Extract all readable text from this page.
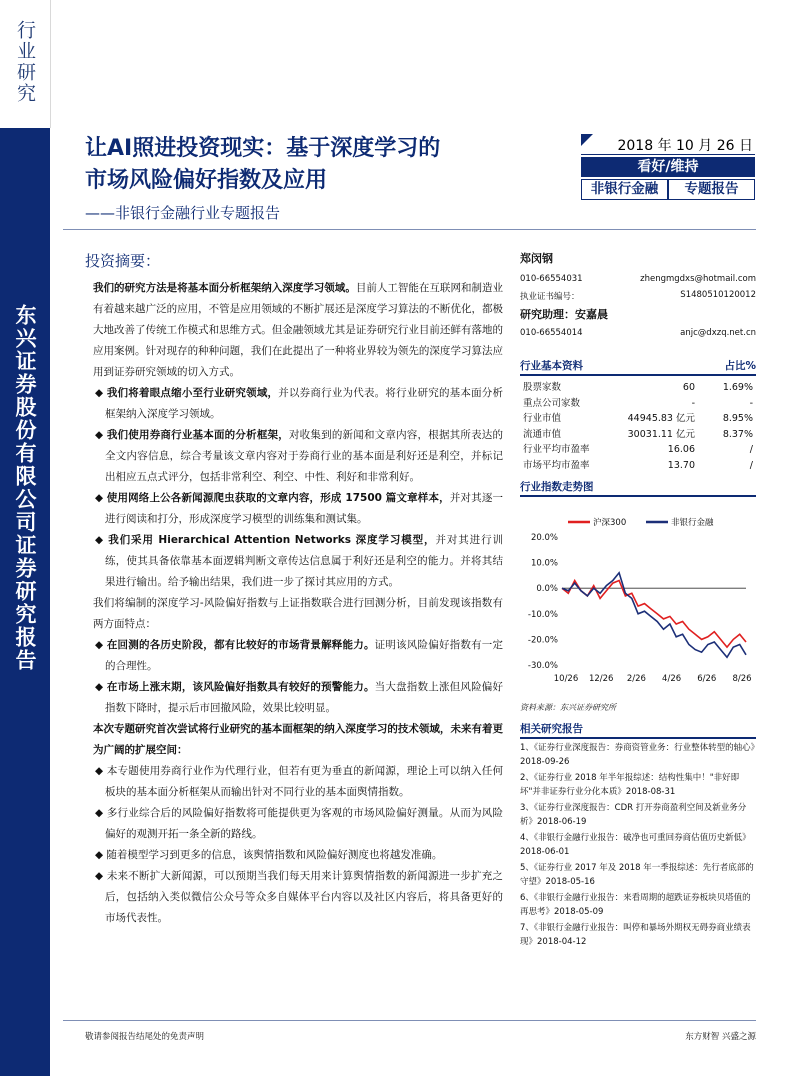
行业研究
东兴证券股份有限公司证券研究报告
让AI照进投资现实：基于深度学习的
市场风险偏好指数及应用
——非银行金融行业专题报告
2018 年 10 月 26 日
看好/维持
非银行金融	专题报告
投资摘要：

我们的研究方法是将基本面分析框架纳入深度学习领域。目前人工智能在互联网和制造业有着越来越广泛的应用，不管是应用领域的不断扩展还是深度学习算法的不断优化，都极大地改善了传统工作模式和思维方式。但金融领域尤其是证券研究行业目前还鲜有落地的应用案例。针对现存的种种问题，我们在此提出了一种将业界较为领先的深度学习算法应用到证券研究领域的切入方式。

◆ 我们将着眼点缩小至行业研究领域，并以券商行业为代表。将行业研究的基本面分析框架纳入深度学习领域。

◆ 我们使用券商行业基本面的分析框架，对收集到的新闻和文章内容，根据其所表达的全文内容信息，综合考量该文章内容对于券商行业的基本面是利好还是利空，并标记出相应五点式评分，包括非常利空、利空、中性、利好和非常利好。

◆ 使用网络上公各新闻源爬虫获取的文章内容，形成 17500 篇文章样本，并对其逐一进行阅读和打分，形成深度学习模型的训练集和测试集。

◆ 我们采用 Hierarchical Attention Networks 深度学习模型，并对其进行训练，使其具备依靠基本面逻辑判断文章传达信息属于利好还是利空的能力。并将其结果进行输出。给予输出结果，我们进一步了探讨其应用的方式。

我们将编制的深度学习-风险偏好指数与上证指数联合进行回测分析，目前发现该指数有两方面特点：

◆ 在回测的各历史阶段，都有比较好的市场背景解释能力。证明该风险偏好指数有一定的合理性。

◆ 在市场上涨末期，该风险偏好指数具有较好的预警能力。当大盘指数上涨但风险偏好指数下降时，提示后市回撤风险，效果比较明显。

本次专题研究首次尝试将行业研究的基本面框架的纳入深度学习的技术领域，未来有着更为广阔的扩展空间：

◆ 本专题使用券商行业作为代理行业，但若有更为垂直的新闻源，理论上可以纳入任何板块的基本面分析框架从而输出针对不同行业的基本面舆情指数。

◆ 多行业综合后的风险偏好指数将可能提供更为客观的市场风险偏好测量。从而为风险偏好的观测开拓一条全新的路线。

◆ 随着模型学习到更多的信息，该舆情指数和风险偏好测度也将越发准确。

◆ 未来不断扩大新闻源，可以预期当我们每天用来计算舆情指数的新闻源进一步扩充之后，包括纳入类似微信公众号等众多自媒体平台内容以及社区内容后，将具备更好的市场代表性。

郑闵钢
010-66554031	zhengmgdxs@hotmail.com
执业证书编号：	S1480510120012
研究助理：安嘉晨
010-66554014	anjc@dxzq.net.cn
行业基本资料	占比%
股票家数	60	1.69%
重点公司家数	-	-
行业市值	44945.83 亿元	8.95%
流通市值	30031.11 亿元	8.37%
行业平均市盈率	16.06	/
市场平均市盈率	13.70	/
行业指数走势图
20.0%
10.0%
0.0%
-10.0%
-20.0%
-30.0%
10/26 12/26 2/26 4/26 6/26 8/26
沪深300	非银行金融
资料来源：东兴证券研究所
相关研究报告
1、《证券行业深度报告：券商资管业务：行业整体转型的轴心》2018-09-26
2、《证券行业 2018 年半年报综述：结构性集中！"非好即坏"并非证券行业分化本质》2018-08-31
3、《证券行业深度报告：CDR 打开券商盈利空间及新业务分析》2018-06-19
4、《非银行金融行业报告：破净也可重回券商估值历史新低》2018-06-01
5、《证券行业 2017 年及 2018 年一季报综述：先行者底部的守望》2018-05-16
6、《非银行金融行业报告：来看周期的超跌证券板块贝塔值的再思考》2018-05-09
7、《非银行金融行业报告：叫停和暴场外期权无碍券商业绩表现》2018-04-12
敬请参阅报告结尾处的免责声明	东方财智 兴盛之源
